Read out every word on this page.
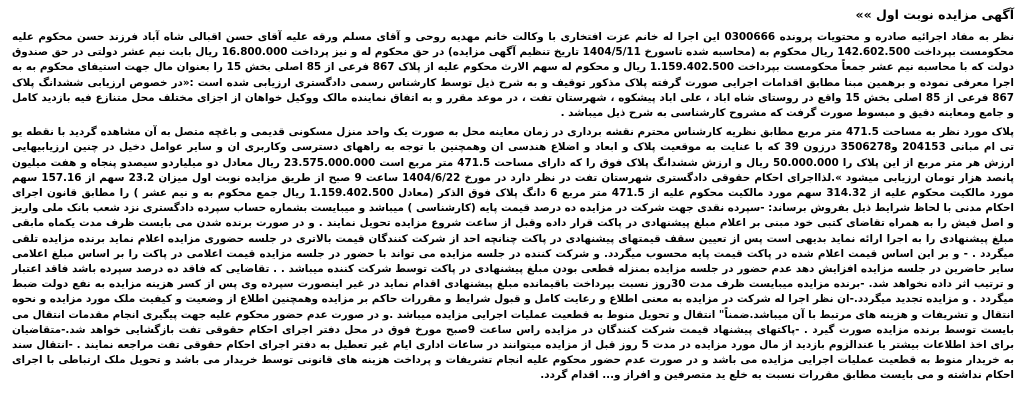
آگهی مزایده نوبت اول »»

نظر به مفاد اجرائیه صادره و محتویات پرونده 0300666 این اجرا له خانم عزت افتخاری با وکالت خانم مهدیه روحی و آقای مسلم ورقه علیه آقای حسن اقبالی شاه آباد فرزند حسن محکوم علیه محکومست بپرداخت 142.602.500 ریال محکوم به (محاسبه شده تاسورخ 1404/5/11 تاریخ تنظیم آگهی مزایده) در حق محکوم له و نیز پرداخت 16.800.000 ریال بابت نیم عشر دولتی در حق صندوق دولت که با محاسبه نیم عشر جمعاً محکومست بپرداخت 1.159.402.500 ریال و محکوم له سهم الارث محکوم علیه از پلاک 867 فرعی از 85 اصلی بخش 15 را بعنوان مال جهت استیفای محکوم به به اجرا معرفی نموده و برهمین مبنا مطابق اقدامات اجرایی صورت گرفته پلاک مذکور توقیف و به شرح ذیل توسط کارشناس رسمی دادگستری ارزیابی شده است :«در خصوص ارزیابی ششدانگ پلاک 867 فرعی از 85 اصلی بخش 15 واقع در روستای شاه اباد ، علی اباد پیشکوه ، شهرستان تفت ، در موعد مقرر و به اتفاق نماینده مالک ووکیل خواهان از اجزای مختلف محل متنازع فیه بازدید کامل و جامع ومعاینه دقیق و مبسوط صورت گرفت که مشروح کارشناسی به شرح ذیل میباشد .

پلاک مورد نظر به مساحت 471.5 متر مربع مطابق نظریه کارشناس محترم نقشه برداری در زمان معاینه محل به صورت یک واحد منزل مسکونی قدیمی و باغچه متصل به آن مشاهده گردید با نقطه یو تی ام مبانی 204153 و3506278 درزون 39 که با عنایت به موقعیت پلاک و ابعاد و اضلاع هندسی ان وهمچنین با توجه به راههای دسترسی وکاربری ان و سایر عوامل دخیل در چنین ارزیابیهایی ارزش هر متر مربع از این پلاک را 50.000.000 ریال و ارزش ششدانگ پلاک فوق را که دارای مساحت 471.5 متر مربع است 23.575.000.000 ریال معادل دو میلیاردو سیصدو پنجاه و هفت میلیون پانصد هزار تومان ارزیابی میشود ».لذااجرای احکام حقوقی دادگستری شهرستان تفت در نظر دارد در مورخ 1404/6/22 ساعت 9 صبح از طریق مزایده نوبت اول میزان 23.2 سهم از 157.16 سهم مورد مالکیت محکوم علیه از 314.32 سهم مورد مالکیت محکوم علیه از 471.5 متر مربع 6 دانگ پلاک فوق الذکر (معادل 1.159.402.500 ریال جمع محکوم به و نیم عشر ) را مطابق قانون اجرای احکام مدنی با لحاظ شرایط ذیل بفروش برساند: -سپرده نقدی جهت شرکت در مزایده ده درصد قیمت پایه (کارشناسی ) میباشد و میبایست بشماره حساب سپرده دادگستری نزد شعب بانک ملی واریز و اصل فیش را به همراه تقاضای کتبی خود مبنی بر اعلام مبلغ پیشنهادی در پاکت قرار داده وقبل از ساعت شروع مزایده تحویل نمایند . و در صورت برنده شدن می بایست ظرف مدت یکماه مابقی مبلغ پیشنهادی را به اجرا ارائه نماید بدیهی است پس از تعیین سقف قیمتهای پیشنهادی در پاکت چنانچه احد از شرکت کنندگان قیمت بالاتری در جلسه حضوری مزایده اعلام نماید برنده مزایده تلقی میگردد . - و بر این اساس قیمت اعلام شده در پاکت قیمت پایه محسوب میگردد. و شرکت کننده در جلسه مزایده می تواند با حضور در جلسه مزایده قیمت اعلامی در پاکت را بر اساس مبلغ اعلامی سایر حاضرین در جلسه مزایده افزایش دهد عدم حضور در جلسه مزایده بمنزله قطعی بودن مبلغ پیشنهادی در پاکت توسط شرکت کننده میباشد . . تقاضایی که فاقد ده درصد سپرده باشد فاقد اعتبار و ترتیب اثر داده نخواهد شد. -برنده مزایده میبایست ظرف مدت 30روز نسبت بپرداخت باقیمانده مبلغ پیشنهادی اقدام نماید در غیر اینصورت سپرده وی پس از کسر هزینه مزایده به نفع دولت ضبط میگردد . و مزایده تجدید میگردد.-ان نظر اجرا له شرکت در مزایده به معنی اطلاع و رعایت کامل و قبول شرایط و مقررات حاکم بر مزایده وهمچنین اطلاع از وضعیت و کیفیت ملک مورد مزایده و نحوه انتقال و تشریفات و هزینه های مرتبط با آن میباشد.ضمناً" انتقال و تحویل منوط به قطعیت عملیات اجرایی مزایده میباشد .و در صورت عدم حضور محکوم علیه جهت پیگیری انجام مقدمات انتقال می بایست توسط برنده مزایده صورت گیرد . -پاکتهای پیشنهاد قیمت شرکت کنندگان در مزایده راس ساعت 9صبح مورخ فوق در محل دفتر اجرای احکام حقوقی تفت بازگشایی خواهد شد.-متقاضیان برای اخذ اطلاعات بیشتر یا عندالزوم بازدید از مال مورد مزایده در مدت 5 روز قبل از مزایده میتوانند در ساعات اداری ایام غیر تعطیل به دفتر اجرای احکام حقوقی تفت مراجعه نمایند . -انتقال سند به خریدار منوط به قطعیت عملیات اجرایی مزایده می باشد و در صورت عدم حضور محکوم علیه انجام تشریفات و پرداخت هزینه های قانونی توسط خریدار می باشد و تحویل ملک ارتباطی با اجرای احکام نداشته و می بایست مطابق مقررات نسبت به خلع ید متصرفین و افراز و... اقدام گردد.
